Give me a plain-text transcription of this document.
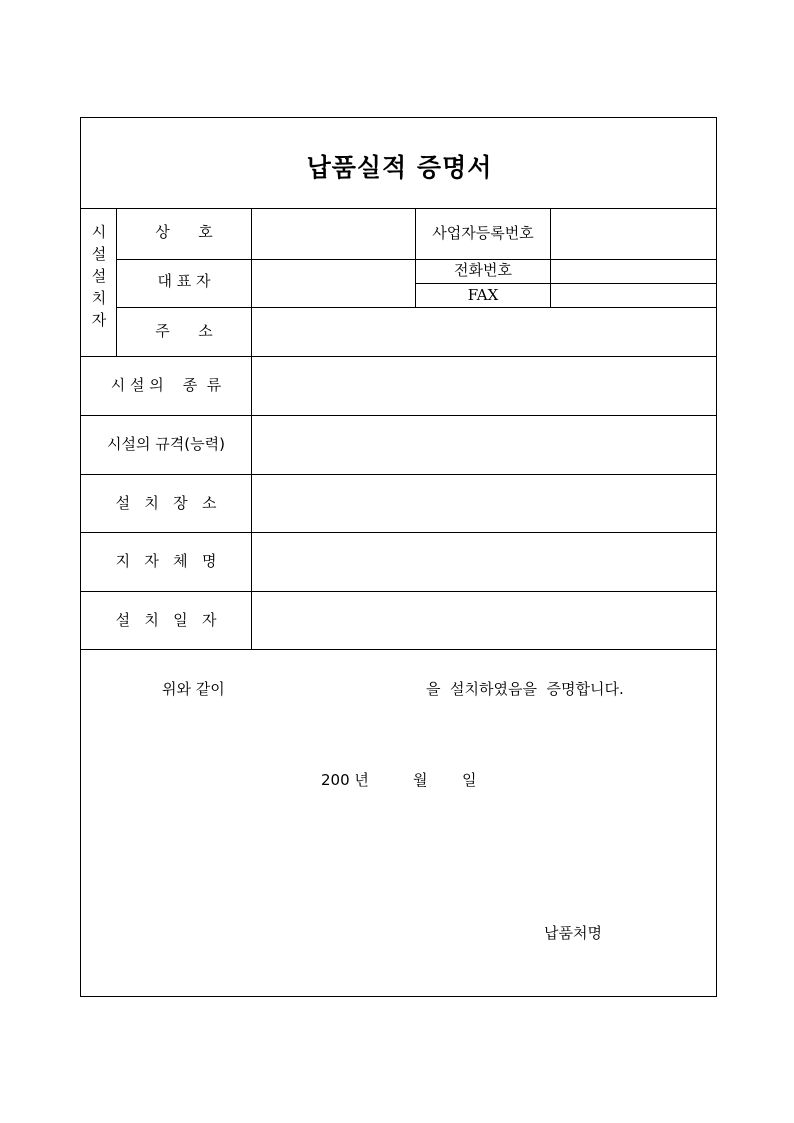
납품실적 증명서
시
설
설
치
자
상      호
대 표 자
주      소
사업자등록번호
전화번호
FAX
시 설 의    종  류
시설의 규격(능력)
설   치   장   소
지   자   체   명
설   치   일   자
위와 같이	을  설치하였음을  증명합니다.
200 년	월 일
납품처명
